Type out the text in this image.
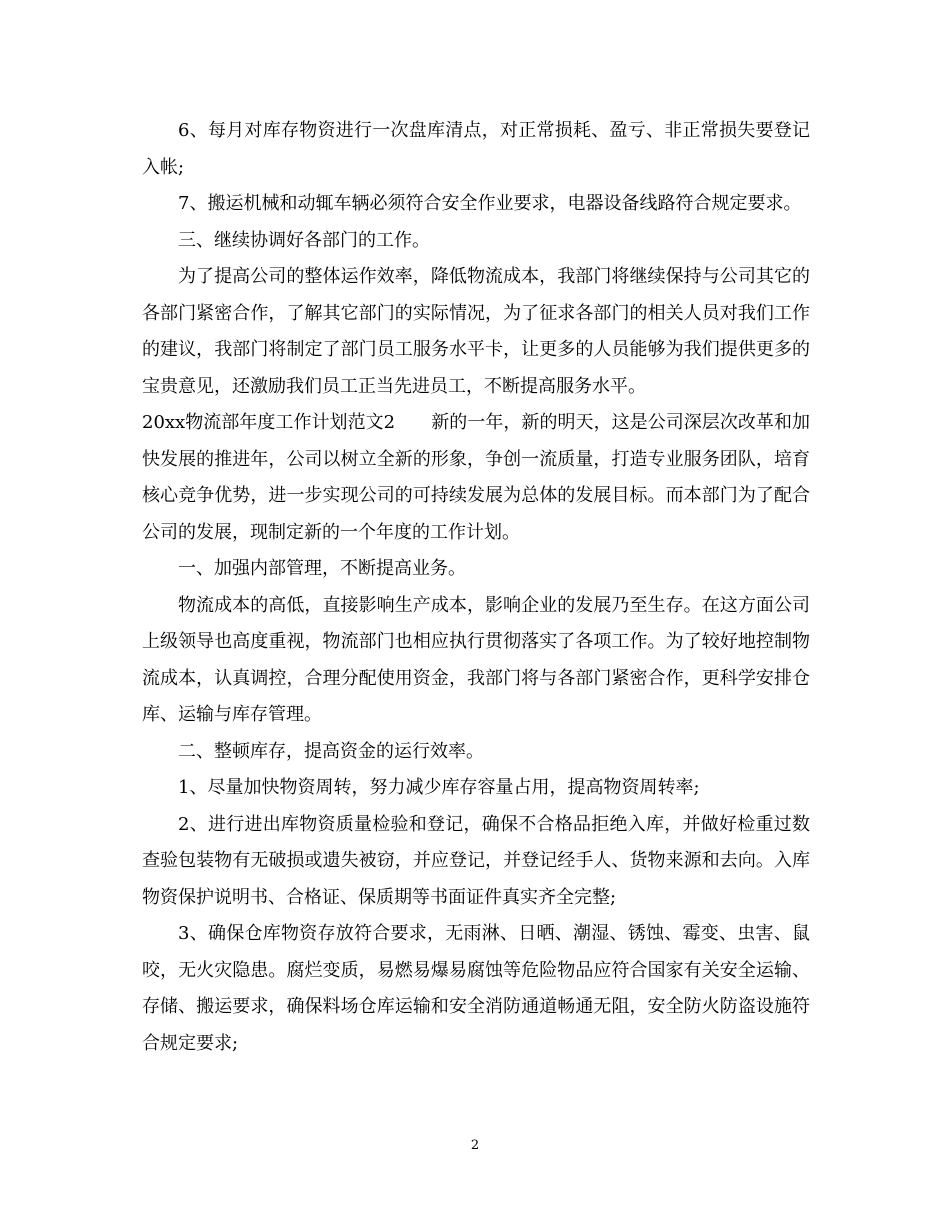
6、每月对库存物资进行一次盘库清点，对正常损耗、盈亏、非正常损失要登记入帐;

7、搬运机械和动辄车辆必须符合安全作业要求，电器设备线路符合规定要求。

三、继续协调好各部门的工作。

为了提高公司的整体运作效率，降低物流成本，我部门将继续保持与公司其它的各部门紧密合作，了解其它部门的实际情况，为了征求各部门的相关人员对我们工作的建议，我部门将制定了部门员工服务水平卡，让更多的人员能够为我们提供更多的宝贵意见，还激励我们员工正当先进员工，不断提高服务水平。

20xx物流部年度工作计划范文2　　新的一年，新的明天，这是公司深层次改革和加快发展的推进年，公司以树立全新的形象，争创一流质量，打造专业服务团队，培育核心竞争优势，进一步实现公司的可持续发展为总体的发展目标。而本部门为了配合公司的发展，现制定新的一个年度的工作计划。

一、加强内部管理，不断提高业务。

物流成本的高低，直接影响生产成本，影响企业的发展乃至生存。在这方面公司上级领导也高度重视，物流部门也相应执行贯彻落实了各项工作。为了较好地控制物流成本，认真调控，合理分配使用资金，我部门将与各部门紧密合作，更科学安排仓库、运输与库存管理。

二、整顿库存，提高资金的运行效率。

1、尽量加快物资周转，努力减少库存容量占用，提高物资周转率;

2、进行进出库物资质量检验和登记，确保不合格品拒绝入库，并做好检重过数查验包装物有无破损或遗失被窃，并应登记，并登记经手人、货物来源和去向。入库物资保护说明书、合格证、保质期等书面证件真实齐全完整;

3、确保仓库物资存放符合要求，无雨淋、日晒、潮湿、锈蚀、霉变、虫害、鼠咬，无火灾隐患。腐烂变质，易燃易爆易腐蚀等危险物品应符合国家有关安全运输、存储、搬运要求，确保料场仓库运输和安全消防通道畅通无阻，安全防火防盗设施符合规定要求;

2
